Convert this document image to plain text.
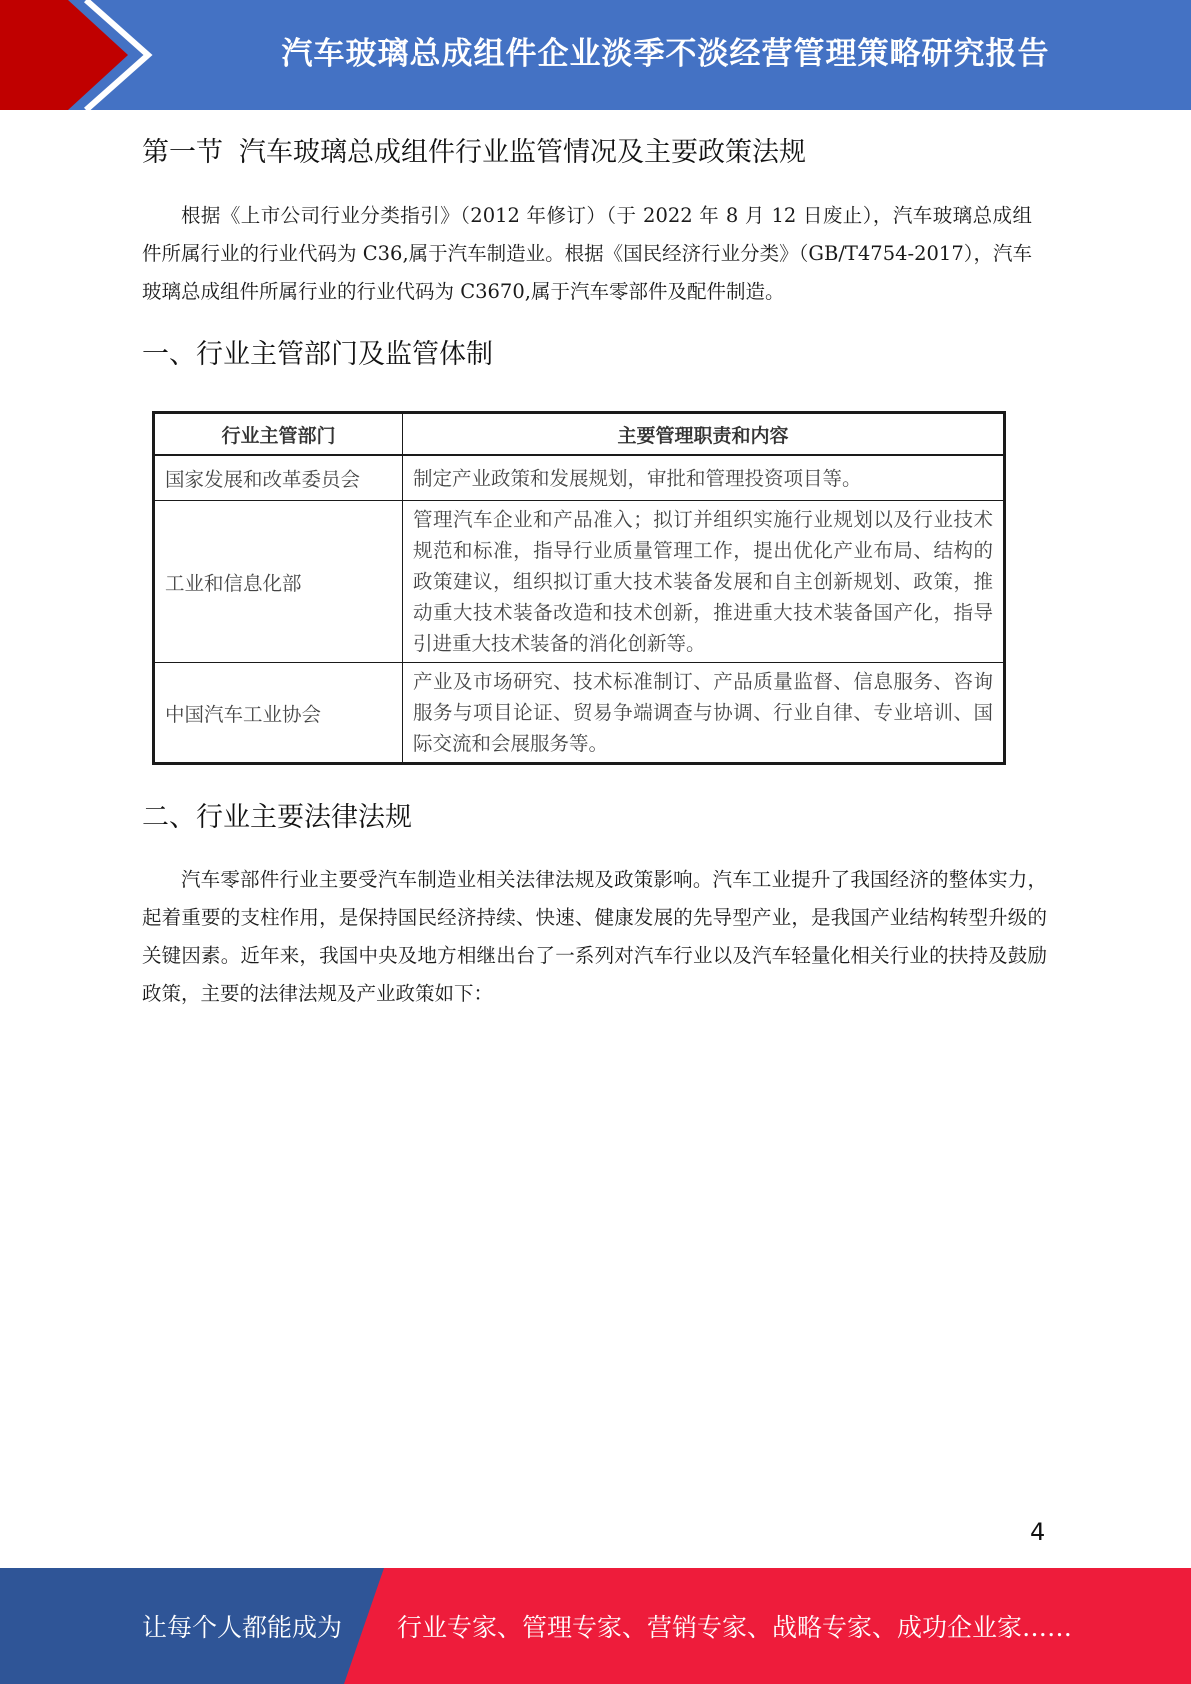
汽车玻璃总成组件企业淡季不淡经营管理策略研究报告
第一节 汽车玻璃总成组件行业监管情况及主要政策法规

根据《上市公司行业分类指引》（2012 年修订）（于 2022 年 8 月 12 日废止），汽车玻璃总成组件所属行业的行业代码为 C36,属于汽车制造业。根据《国民经济行业分类》（GB/T4754-2017），汽车玻璃总成组件所属行业的行业代码为 C3670,属于汽车零部件及配件制造。

一、行业主管部门及监管体制
行业主管部门	主要管理职责和内容
国家发展和改革委员会	制定产业政策和发展规划，审批和管理投资项目等。
工业和信息化部	管理汽车企业和产品准入；拟订并组织实施行业规划以及行业技术规范和标准，指导行业质量管理工作，提出优化产业布局、结构的政策建议，组织拟订重大技术装备发展和自主创新规划、政策，推动重大技术装备改造和技术创新，推进重大技术装备国产化，指导引进重大技术装备的消化创新等。
中国汽车工业协会	产业及市场研究、技术标准制订、产品质量监督、信息服务、咨询 服务与项目论证、贸易争端调查与协调、行业自律、专业培训、国际交流和会展服务等。
二、行业主要法律法规

汽车零部件行业主要受汽车制造业相关法律法规及政策影响。汽车工业提升了我国经济的整体实力，起着重要的支柱作用，是保持国民经济持续、快速、健康发展的先导型产业，是我国产业结构转型升级的关键因素。近年来，我国中央及地方相继出台了一系列对汽车行业以及汽车轻量化相关行业的扶持及鼓励政策，主要的法律法规及产业政策如下：

4
让每个人都能成为 行业专家、管理专家、营销专家、战略专家、成功企业家……
